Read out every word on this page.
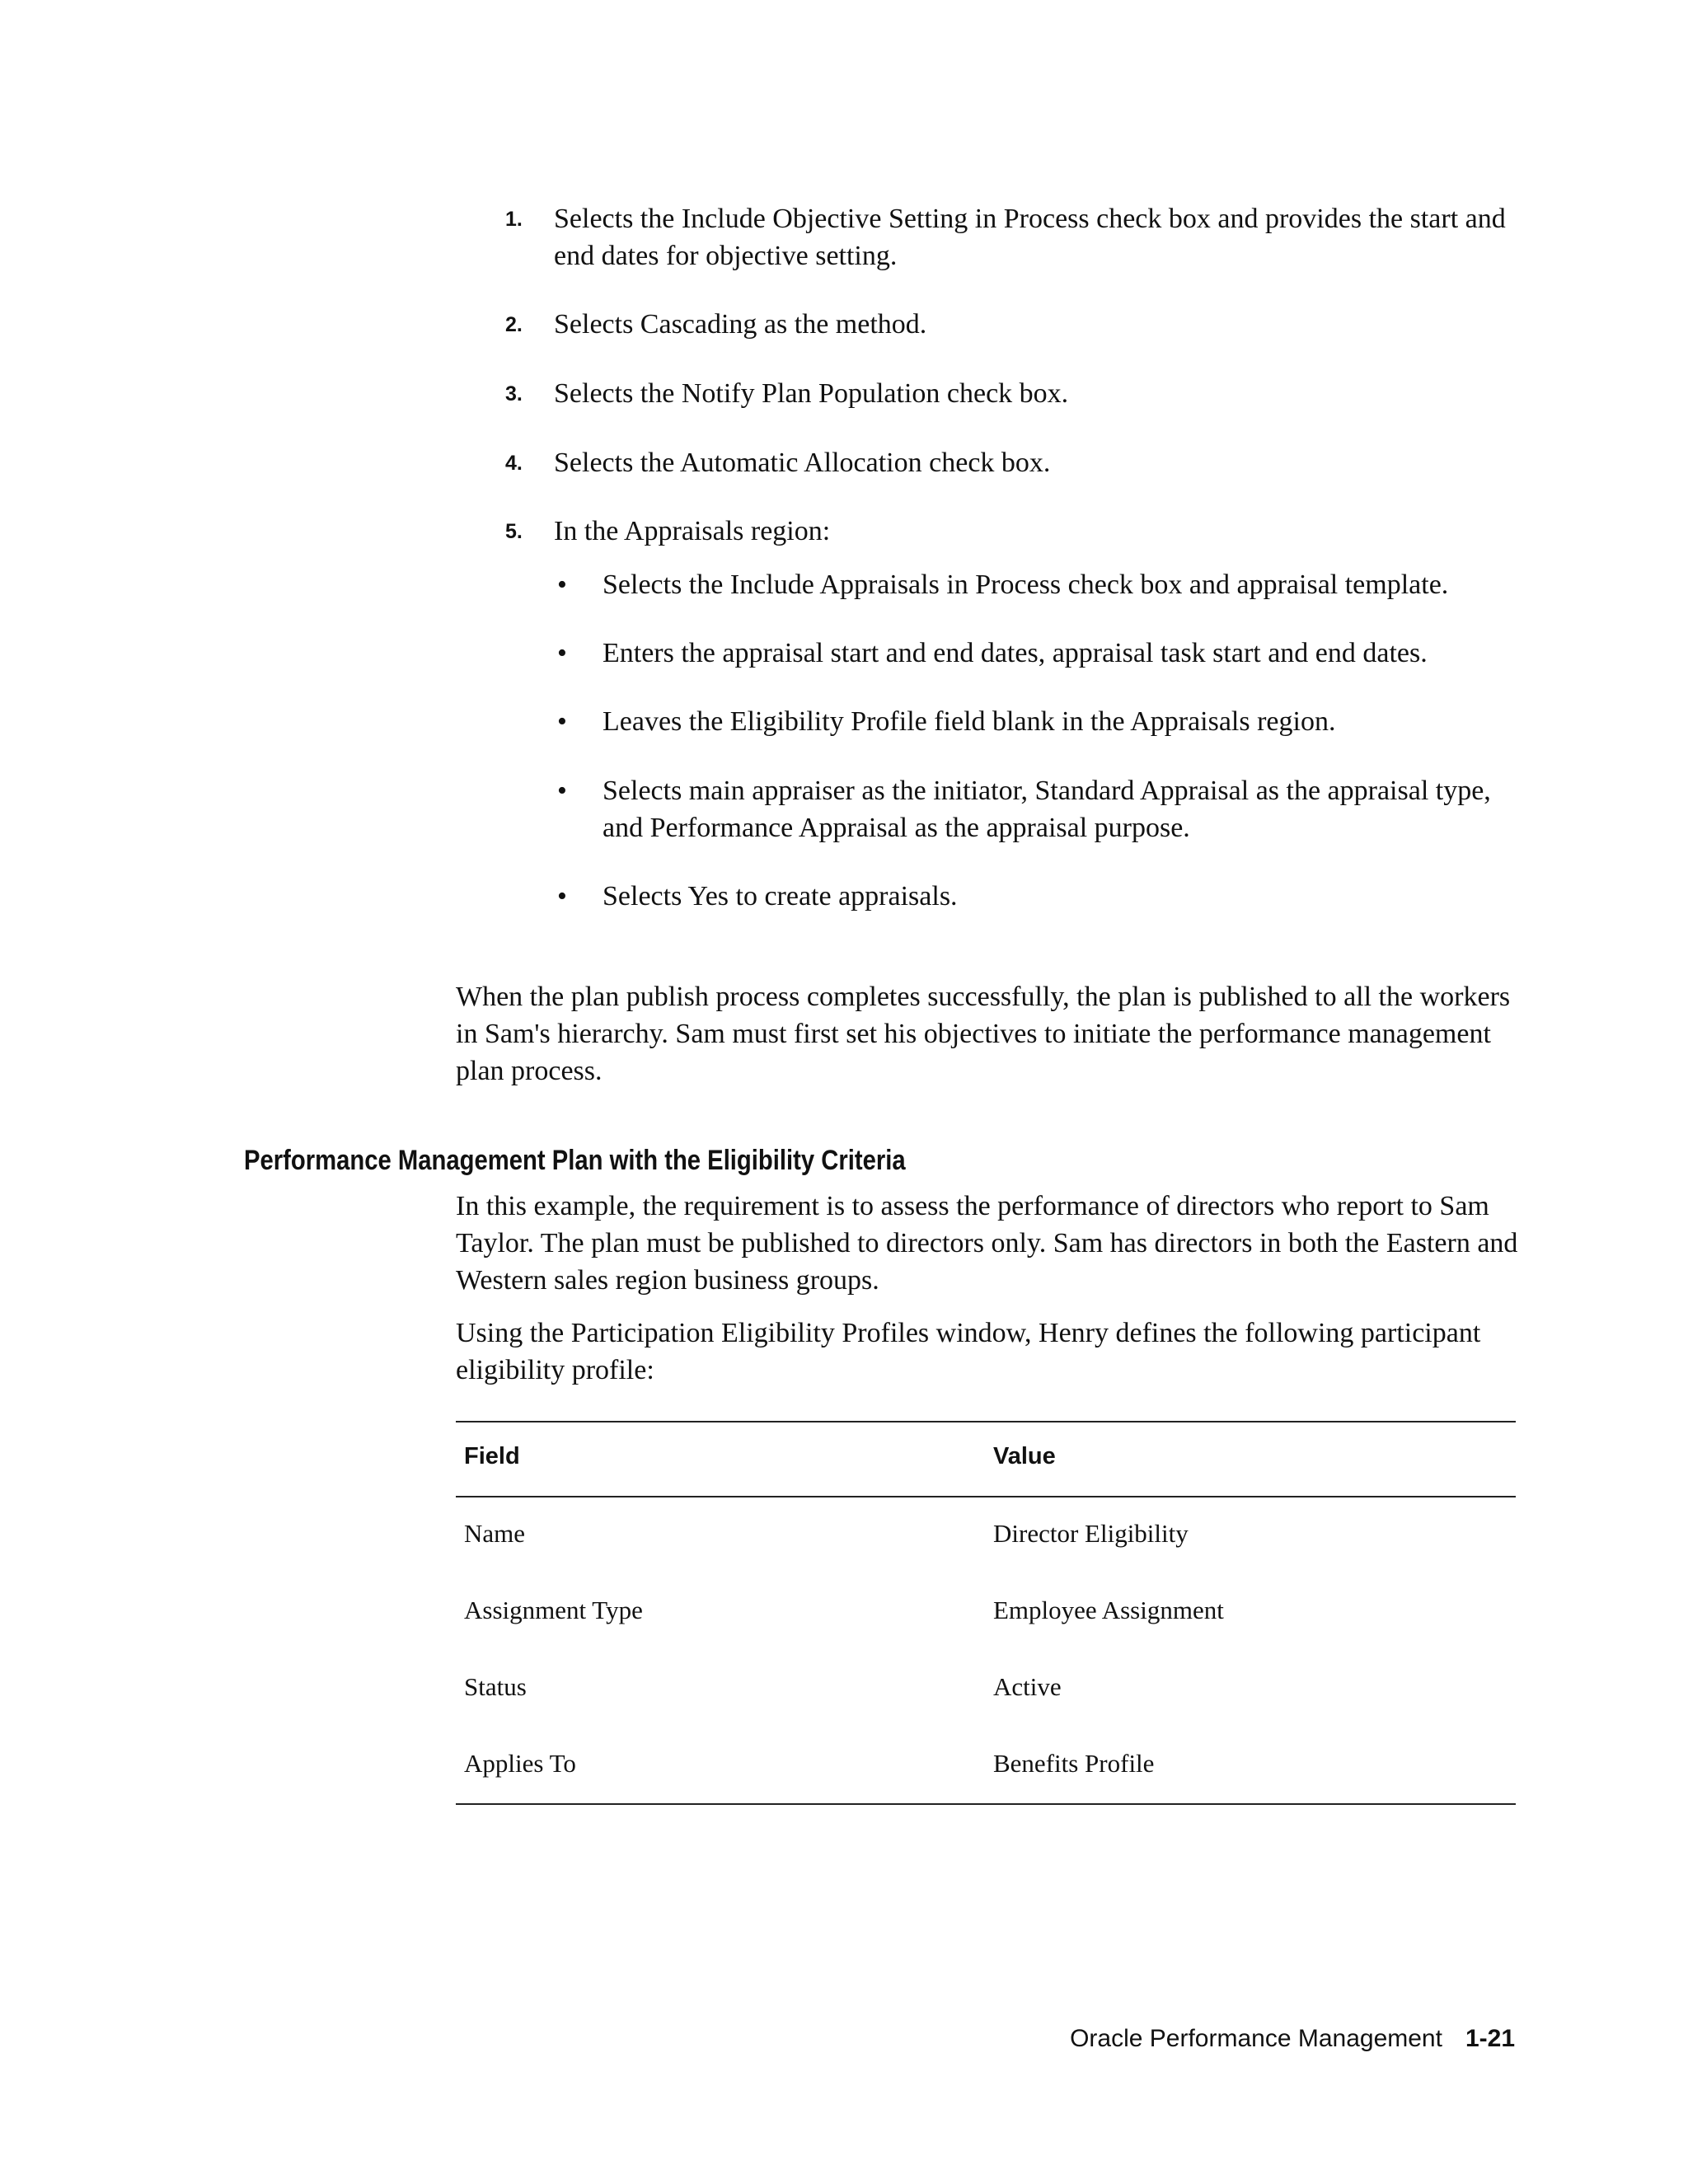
1.	Selects the Include Objective Setting in Process check box and provides the start and end dates for objective setting.
2.	Selects Cascading as the method.
3.	Selects the Notify Plan Population check box.
4.	Selects the Automatic Allocation check box.
5.	In the Appraisals region:
• Selects the Include Appraisals in Process check box and appraisal template.
• Enters the appraisal start and end dates, appraisal task start and end dates.
• Leaves the Eligibility Profile field blank in the Appraisals region.
• Selects main appraiser as the initiator, Standard Appraisal as the appraisal type, and Performance Appraisal as the appraisal purpose.
• Selects Yes to create appraisals.

When the plan publish process completes successfully, the plan is published to all the workers in Sam's hierarchy. Sam must first set his objectives to initiate the performance management plan process.

Performance Management Plan with the Eligibility Criteria

In this example, the requirement is to assess the performance of directors who report to Sam Taylor. The plan must be published to directors only. Sam has directors in both the Eastern and Western sales region business groups.

Using the Participation Eligibility Profiles window, Henry defines the following participant eligibility profile:

Field	Value
Name	Director Eligibility
Assignment Type	Employee Assignment
Status	Active
Applies To	Benefits Profile
Oracle Performance Management 1-21
